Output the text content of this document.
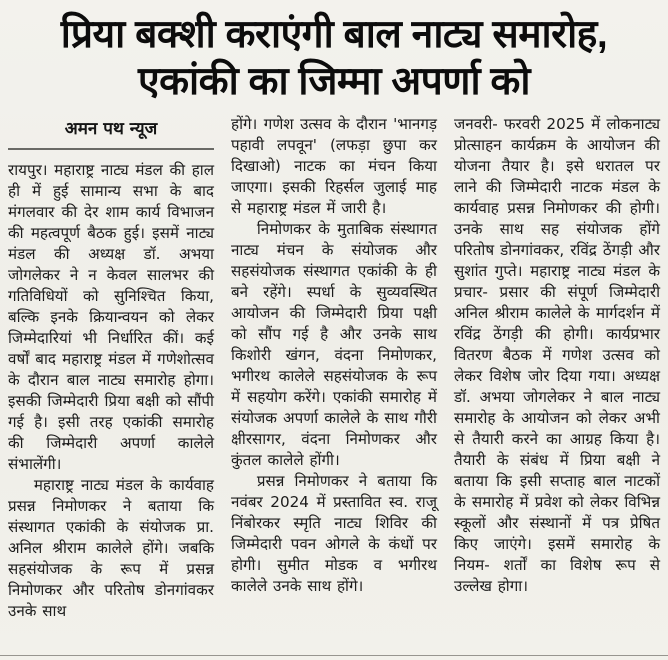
प्रिया बक्शी कराएंगी बाल नाट्य समारोह,
एकांकी का जिम्मा अपर्णा को
अमन पथ न्यूज

रायपुर। महाराष्ट्र नाट्य मंडल की हाल ही में हुई सामान्य सभा के बाद मंगलवार की देर शाम कार्य विभाजन की महत्वपूर्ण बैठक हुई। इसमें नाट्य मंडल की अध्यक्ष डॉ. अभया जोगलेकर ने न केवल सालभर की गतिविधियों को सुनिश्चित किया, बल्कि इनके क्रियान्वयन को लेकर जिम्मेदारियां भी निर्धारित कीं। कई वर्षों बाद महाराष्ट्र मंडल में गणेशोत्सव के दौरान बाल नाट्य समारोह होगा। इसकी जिम्मेदारी प्रिया बक्षी को सौंपी गई है। इसी तरह एकांकी समारोह की जिम्मेदारी अपर्णा कालेले संभालेंगी।

महाराष्ट्र नाट्य मंडल के कार्यवाह प्रसन्न निमोणकर ने बताया कि संस्थागत एकांकी के संयोजक प्रा. अनिल श्रीराम कालेले होंगे। जबकि सहसंयोजक के रूप में प्रसन्न निमोणकर और परितोष डोनगांवकर उनके साथ

होंगे। गणेश उत्सव के दौरान 'भानगड़ पहावी लपवून' (लफड़ा छुपा कर दिखाओ) नाटक का मंचन किया जाएगा। इसकी रिहर्सल जुलाई माह से महाराष्ट्र मंडल में जारी है।

निमोणकर के मुताबिक संस्थागत नाट्य मंचन के संयोजक और सहसंयोजक संस्थागत एकांकी के ही बने रहेंगे। स्पर्धा के सुव्यवस्थित आयोजन की जिम्मेदारी प्रिया पक्षी को सौंप गई है और उनके साथ किशोरी खंगन, वंदना निमोणकर, भगीरथ कालेले सहसंयोजक के रूप में सहयोग करेंगे। एकांकी समारोह में संयोजक अपर्णा कालेले के साथ गौरी क्षीरसागर, वंदना निमोणकर और कुंतल कालेले होंगी।

प्रसन्न निमोणकर ने बताया कि नवंबर 2024 में प्रस्तावित स्व. राजू निंबोरकर स्मृति नाट्य शिविर की जिम्मेदारी पवन ओगले के कंधों पर होगी। सुमीत मोडक व भगीरथ कालेले उनके साथ होंगे।

जनवरी- फरवरी 2025 में लोकनाट्य प्रोत्साहन कार्यक्रम के आयोजन की योजना तैयार है। इसे धरातल पर लाने की जिम्मेदारी नाटक मंडल के कार्यवाह प्रसन्न निमोणकर की होगी। उनके साथ सह संयोजक होंगे परितोष डोनगांवकर, रविंद्र ठेंगड़ी और सुशांत गुप्ते। महाराष्ट्र नाट्य मंडल के प्रचार- प्रसार की संपूर्ण जिम्मेदारी अनिल श्रीराम कालेले के मार्गदर्शन में रविंद्र ठेंगड़ी की होगी। कार्यप्रभार वितरण बैठक में गणेश उत्सव को लेकर विशेष जोर दिया गया। अध्यक्ष डॉ. अभया जोगलेकर ने बाल नाट्य समारोह के आयोजन को लेकर अभी से तैयारी करने का आग्रह किया है। तैयारी के संबंध में प्रिया बक्षी ने बताया कि इसी सप्ताह बाल नाटकों के समारोह में प्रवेश को लेकर विभिन्न स्कूलों और संस्थानों में पत्र प्रेषित किए जाएंगे। इसमें समारोह के नियम- शर्तों का विशेष रूप से उल्लेख होगा।
